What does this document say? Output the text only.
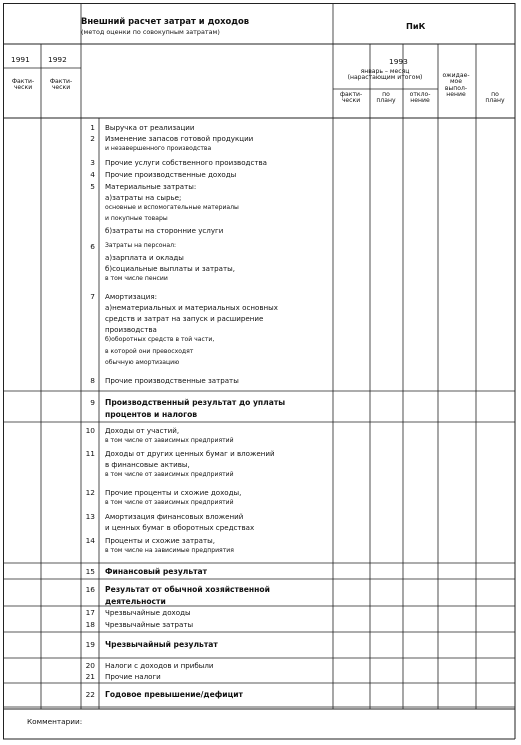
Внешний расчет затрат и доходов
(метод оценки по совокупным затратам)
ПиК
1991 1992
Факти-
чески
Факти-
чески
1993
январь – месяц
(нарастающим итогом)
факти-
чески
по
плану
откло-
нение
ожидае-
мое
выпол-
нение	по
плану
1 Выручка от реализации
2 Изменение запасов готовой продукции
и незавершенного производства
3 Прочие услуги собственного производства
4 Прочие производственные доходы
5 Материальные затраты:
а)затраты на сырье;
основные и вспомогательные материалы
и покупные товары
б)затраты на сторонние услуги
6 Затраты на персонал:
а)зарплата и оклады
б)социальные выплаты и затраты,
в том числе пенсии
7 Амортизация:
а)нематериальных и материальных основных
средств и затрат на запуск и расширение
производства
б)оборотных средств в той части,
в которой они превосходят
обычную амортизацию
8 Прочие производственные затраты
9 Производственный результат до уплаты
процентов и налогов
10 Доходы от участий,
в том числе от зависимых предприятий
11 Доходы от других ценных бумаг и вложений
в финансовые активы,
в том числе от зависимых предприятий
12 Прочие проценты и схожие доходы,
в том числе от зависимых предприятий
13 Амортизация финансовых вложений
и ценных бумаг в оборотных средствах
14 Проценты и схожие затраты,
в том числе на зависимые предприятия
15 Финансовый результат
16 Результат от обычной хозяйственной
деятельности
17 Чрезвычайные доходы
18 Чрезвычайные затраты
19 Чрезвычайный результат
20 Налоги с доходов и прибыли
21 Прочие налоги
22 Годовое превышение/дефицит
Комментарии:
